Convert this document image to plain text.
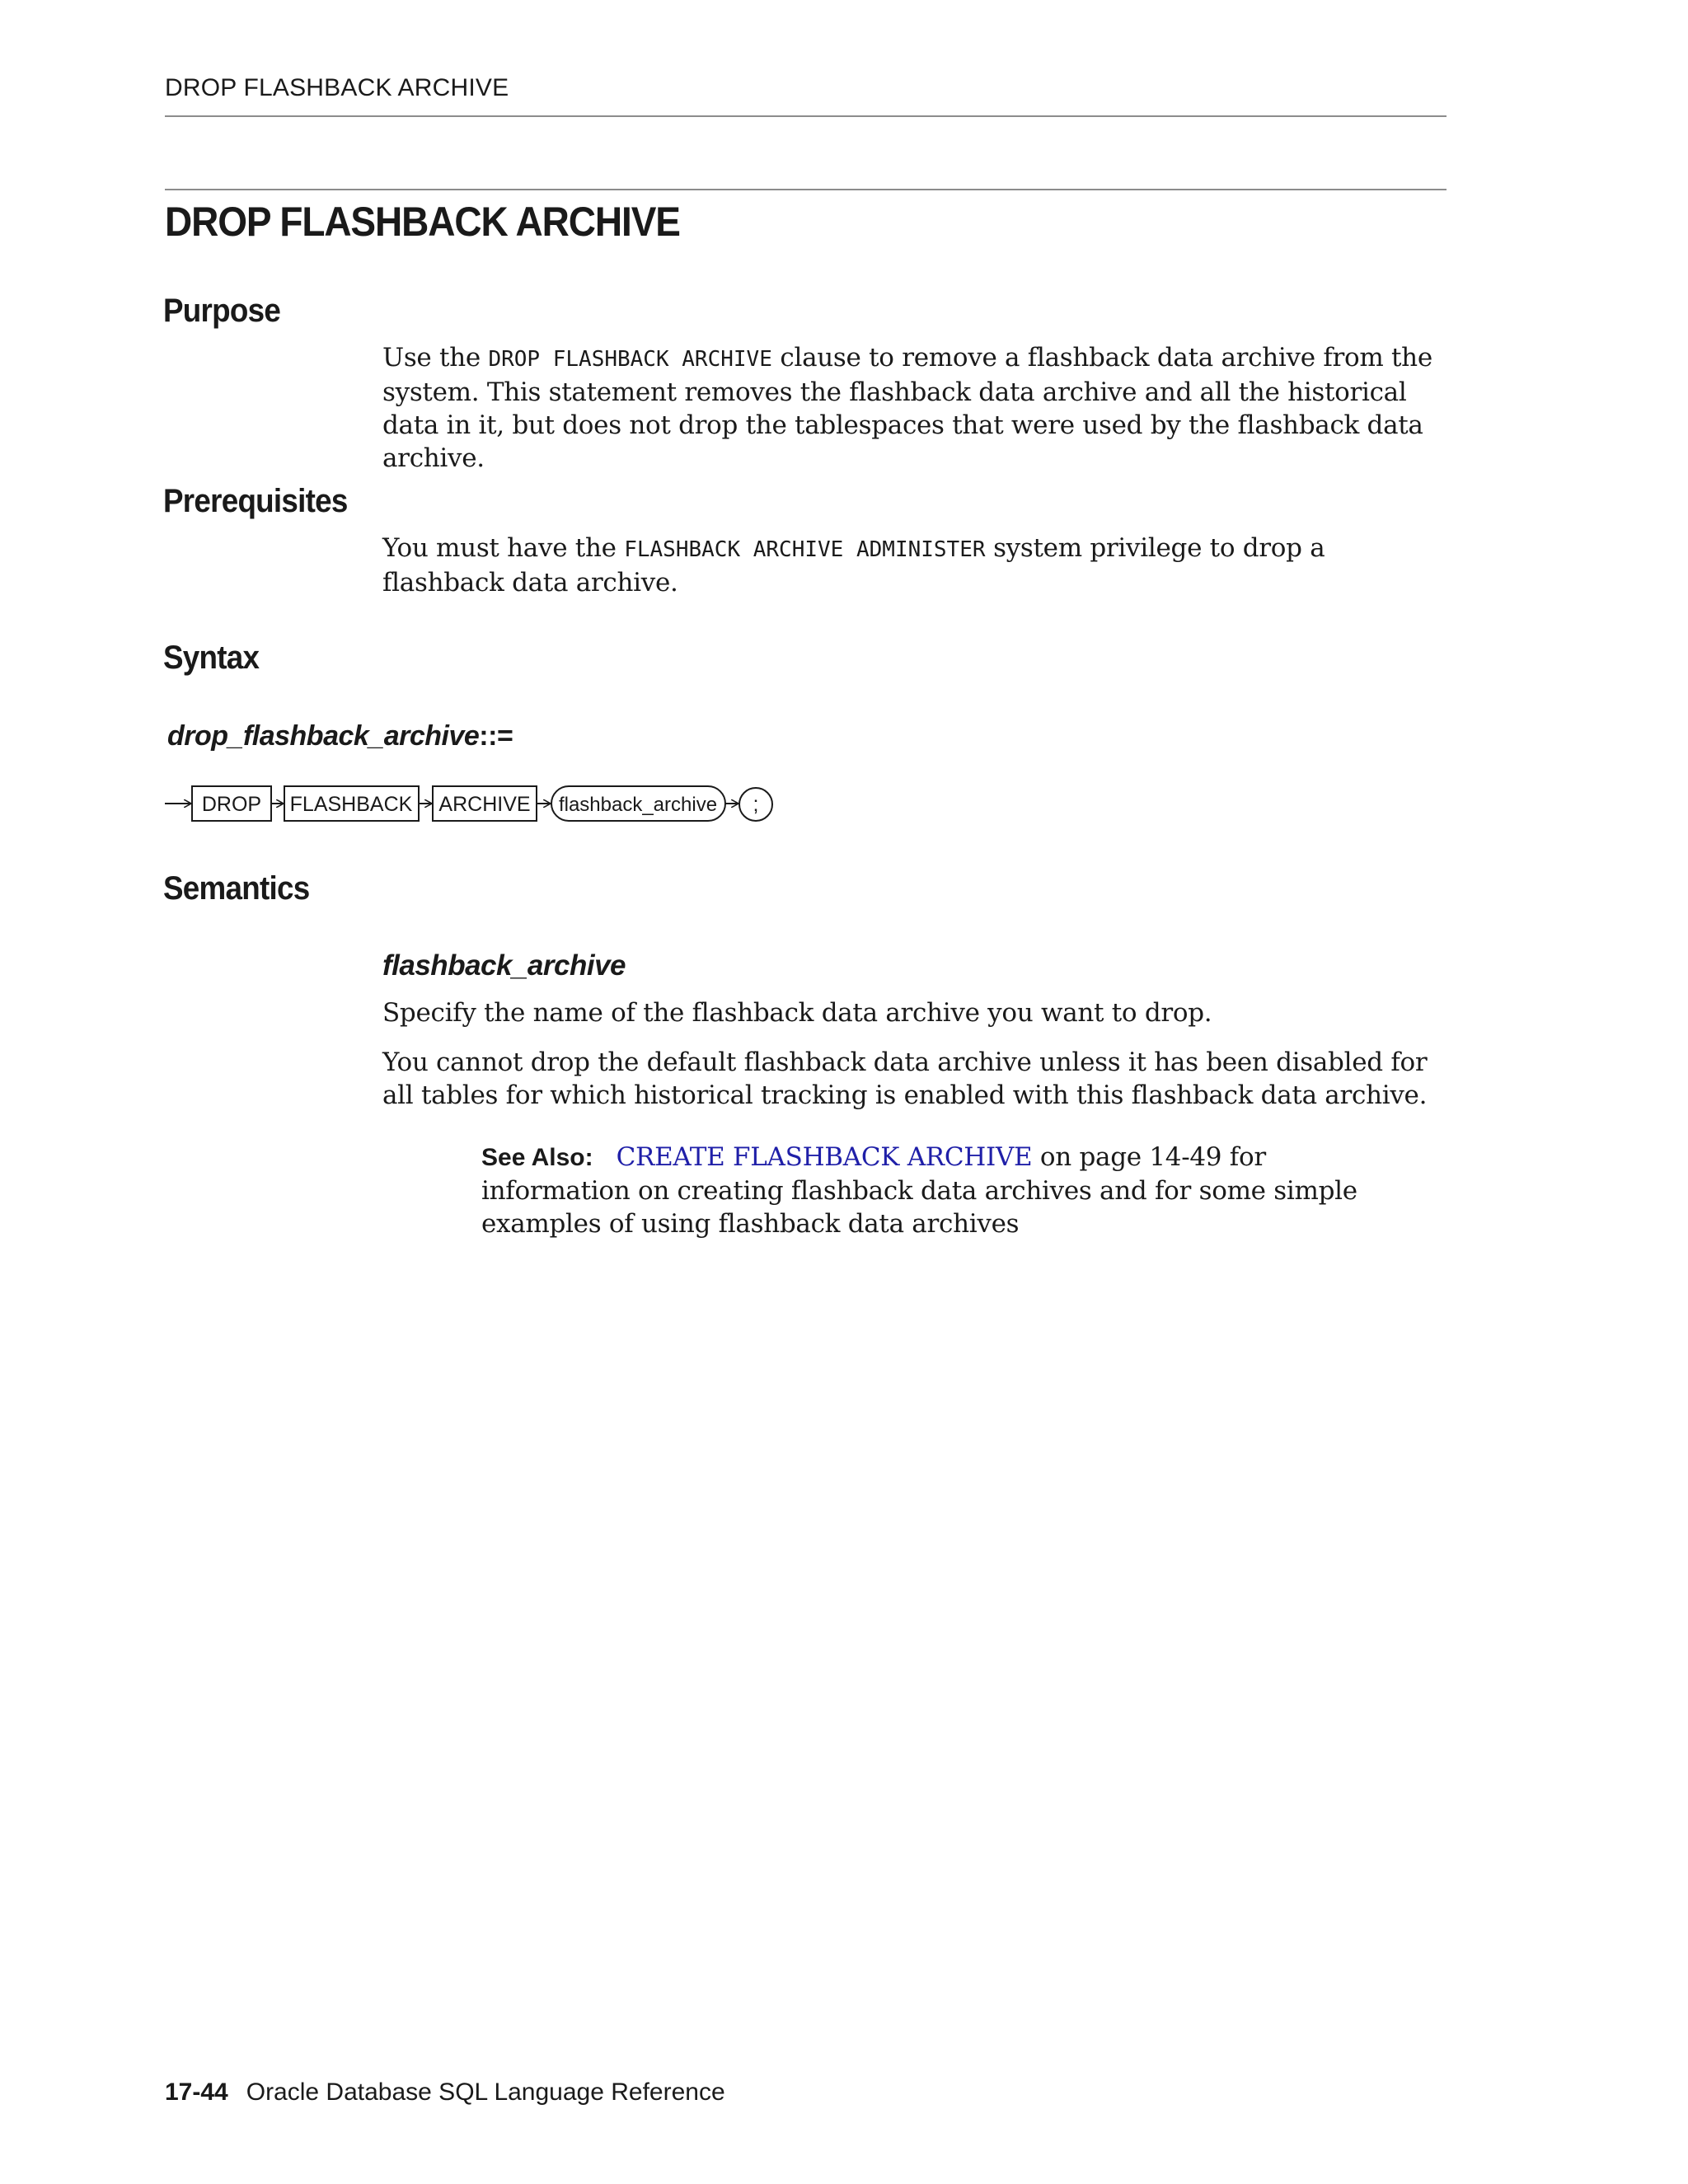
DROP FLASHBACK ARCHIVE
DROP FLASHBACK ARCHIVE
Purpose

Use the DROP FLASHBACK ARCHIVE clause to remove a flashback data archive from the system. This statement removes the flashback data archive and all the historical data in it, but does not drop the tablespaces that were used by the flashback data archive.

Prerequisites

You must have the FLASHBACK ARCHIVE ADMINISTER system privilege to drop a flashback data archive.

Syntax
drop_flashback_archive::=
DROP FLASHBACK ARCHIVE flashback_archive ;
Semantics
flashback_archive

Specify the name of the flashback data archive you want to drop.

You cannot drop the default flashback data archive unless it has been disabled for all tables for which historical tracking is enabled with this flashback data archive.

See Also: CREATE FLASHBACK ARCHIVE on page 14-49 for information on creating flashback data archives and for some simple examples of using flashback data archives

17-44 Oracle Database SQL Language Reference
